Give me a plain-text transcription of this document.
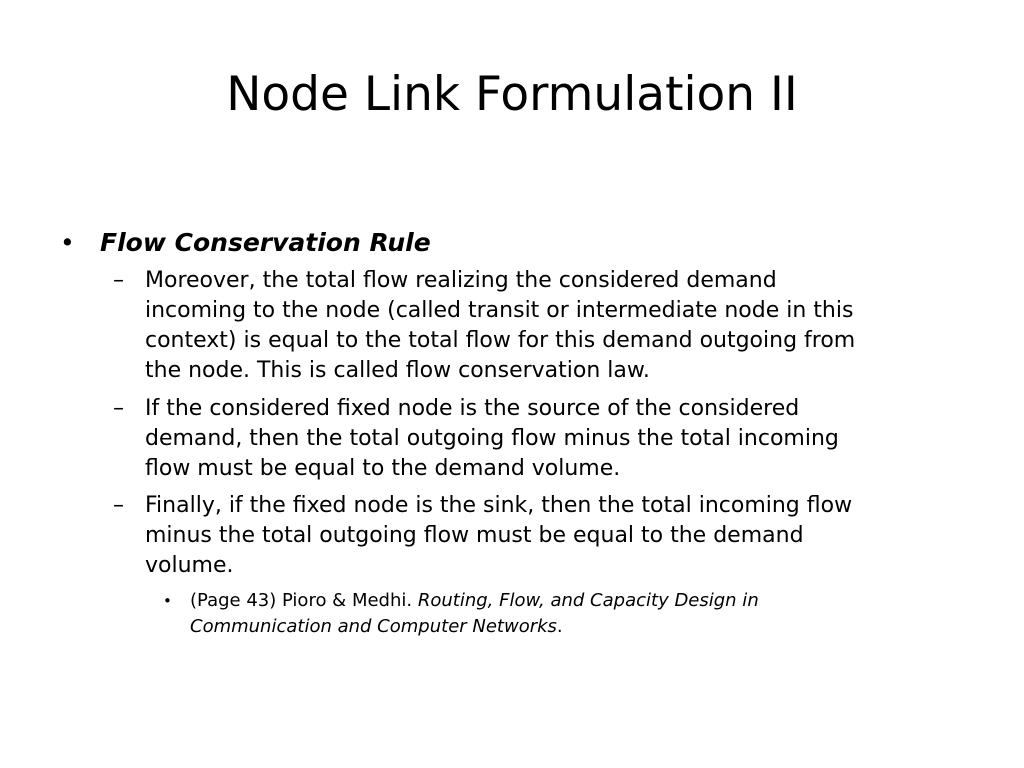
Node Link Formulation II
• Flow Conservation Rule
– Moreover, the total flow realizing the considered demand
incoming to the node (called transit or intermediate node in this
context) is equal to the total flow for this demand outgoing from
the node. This is called flow conservation law.
– If the considered fixed node is the source of the considered
demand, then the total outgoing flow minus the total incoming
flow must be equal to the demand volume.
– Finally, if the fixed node is the sink, then the total incoming flow
minus the total outgoing flow must be equal to the demand
volume.
• (Page 43) Pioro & Medhi. Routing, Flow, and Capacity Design in
Communication and Computer Networks.
